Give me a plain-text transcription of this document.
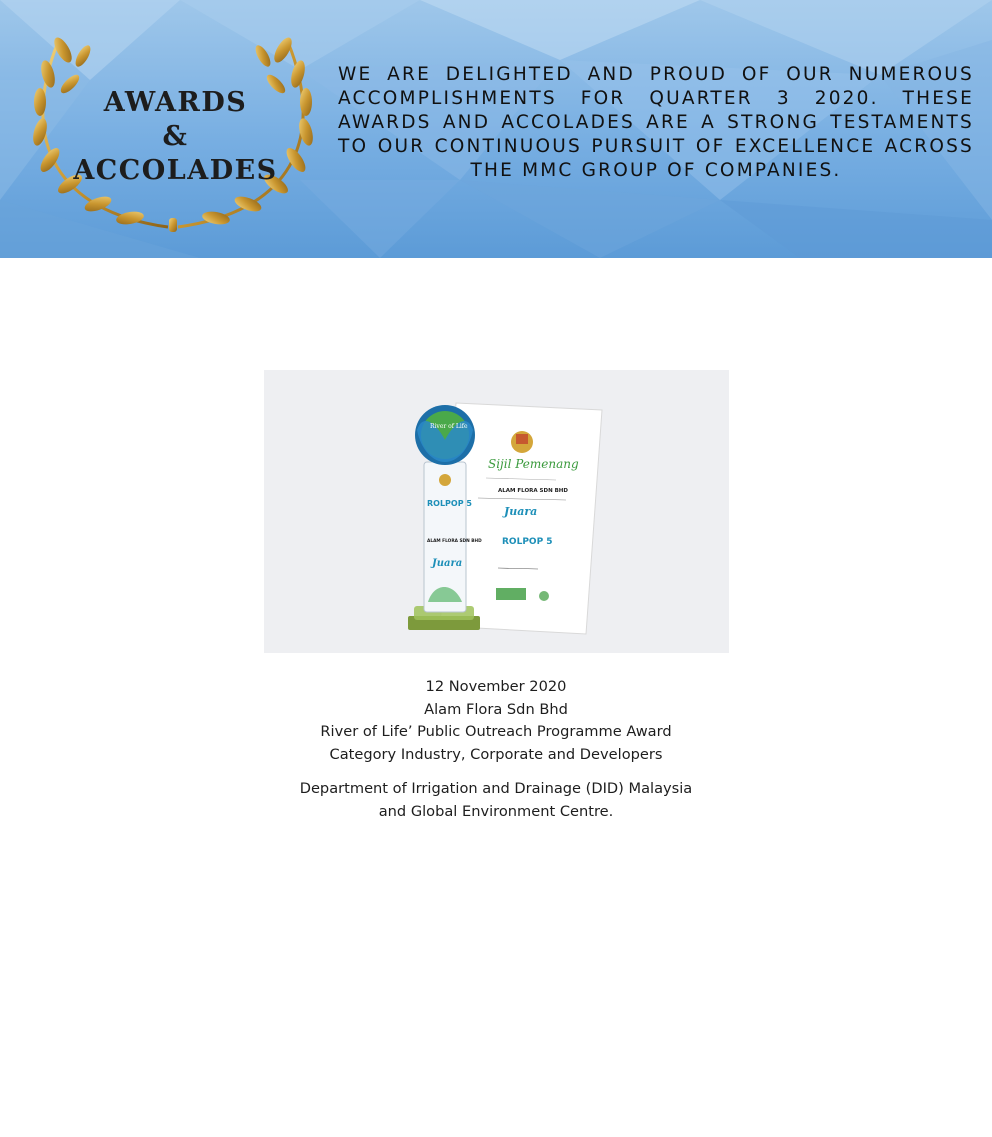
AWARDS
& ACCOLADES
WE ARE DELIGHTED AND PROUD OF OUR NUMEROUS ACCOMPLISHMENTS FOR QUARTER 3 2020. THESE AWARDS AND ACCOLADES ARE A STRONG TESTAMENTS TO OUR CONTINUOUS PURSUIT OF EXCELLENCE ACROSS THE MMC GROUP OF COMPANIES.
Sijil Pemenang
ALAM FLORA SDN BHD
Juara
ROLPOP 5
River of Life
ROLPOP 5
ALAM FLORA SDN BHD
Juara
12 November 2020
Alam Flora Sdn Bhd
River of Life’ Public Outreach Programme Award
Category Industry, Corporate and Developers
Department of Irrigation and Drainage (DID) Malaysia
and Global Environment Centre.
